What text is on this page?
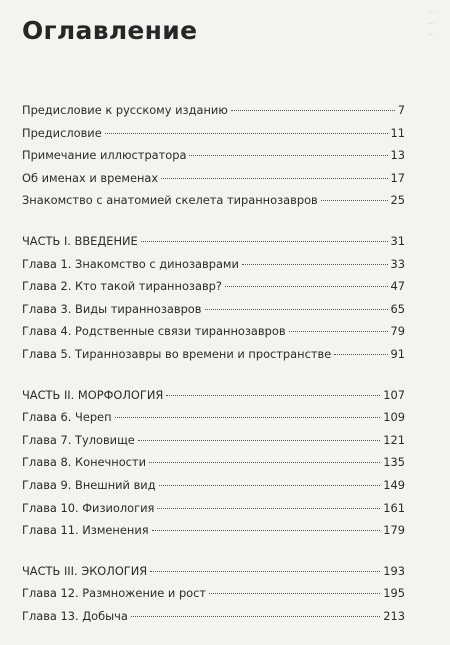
...
...
...
Оглавление
Предисловие к русскому изданию	7
Предисловие	11
Примечание иллюстратора	13
Об именах и временах	17
Знакомство с анатомией скелета тираннозавров	25
ЧАСТЬ I. ВВЕДЕНИЕ	31
Глава 1. Знакомство с динозаврами	33
Глава 2. Кто такой тираннозавр?	47
Глава 3. Виды тираннозавров	65
Глава 4. Родственные связи тираннозавров	79
Глава 5. Тираннозавры во времени и пространстве	91
ЧАСТЬ II. МОРФОЛОГИЯ	107
Глава 6. Череп	109
Глава 7. Туловище	121
Глава 8. Конечности	135
Глава 9. Внешний вид	149
Глава 10. Физиология	161
Глава 11. Изменения	179
ЧАСТЬ III. ЭКОЛОГИЯ	193
Глава 12. Размножение и рост	195
Глава 13. Добыча	213
